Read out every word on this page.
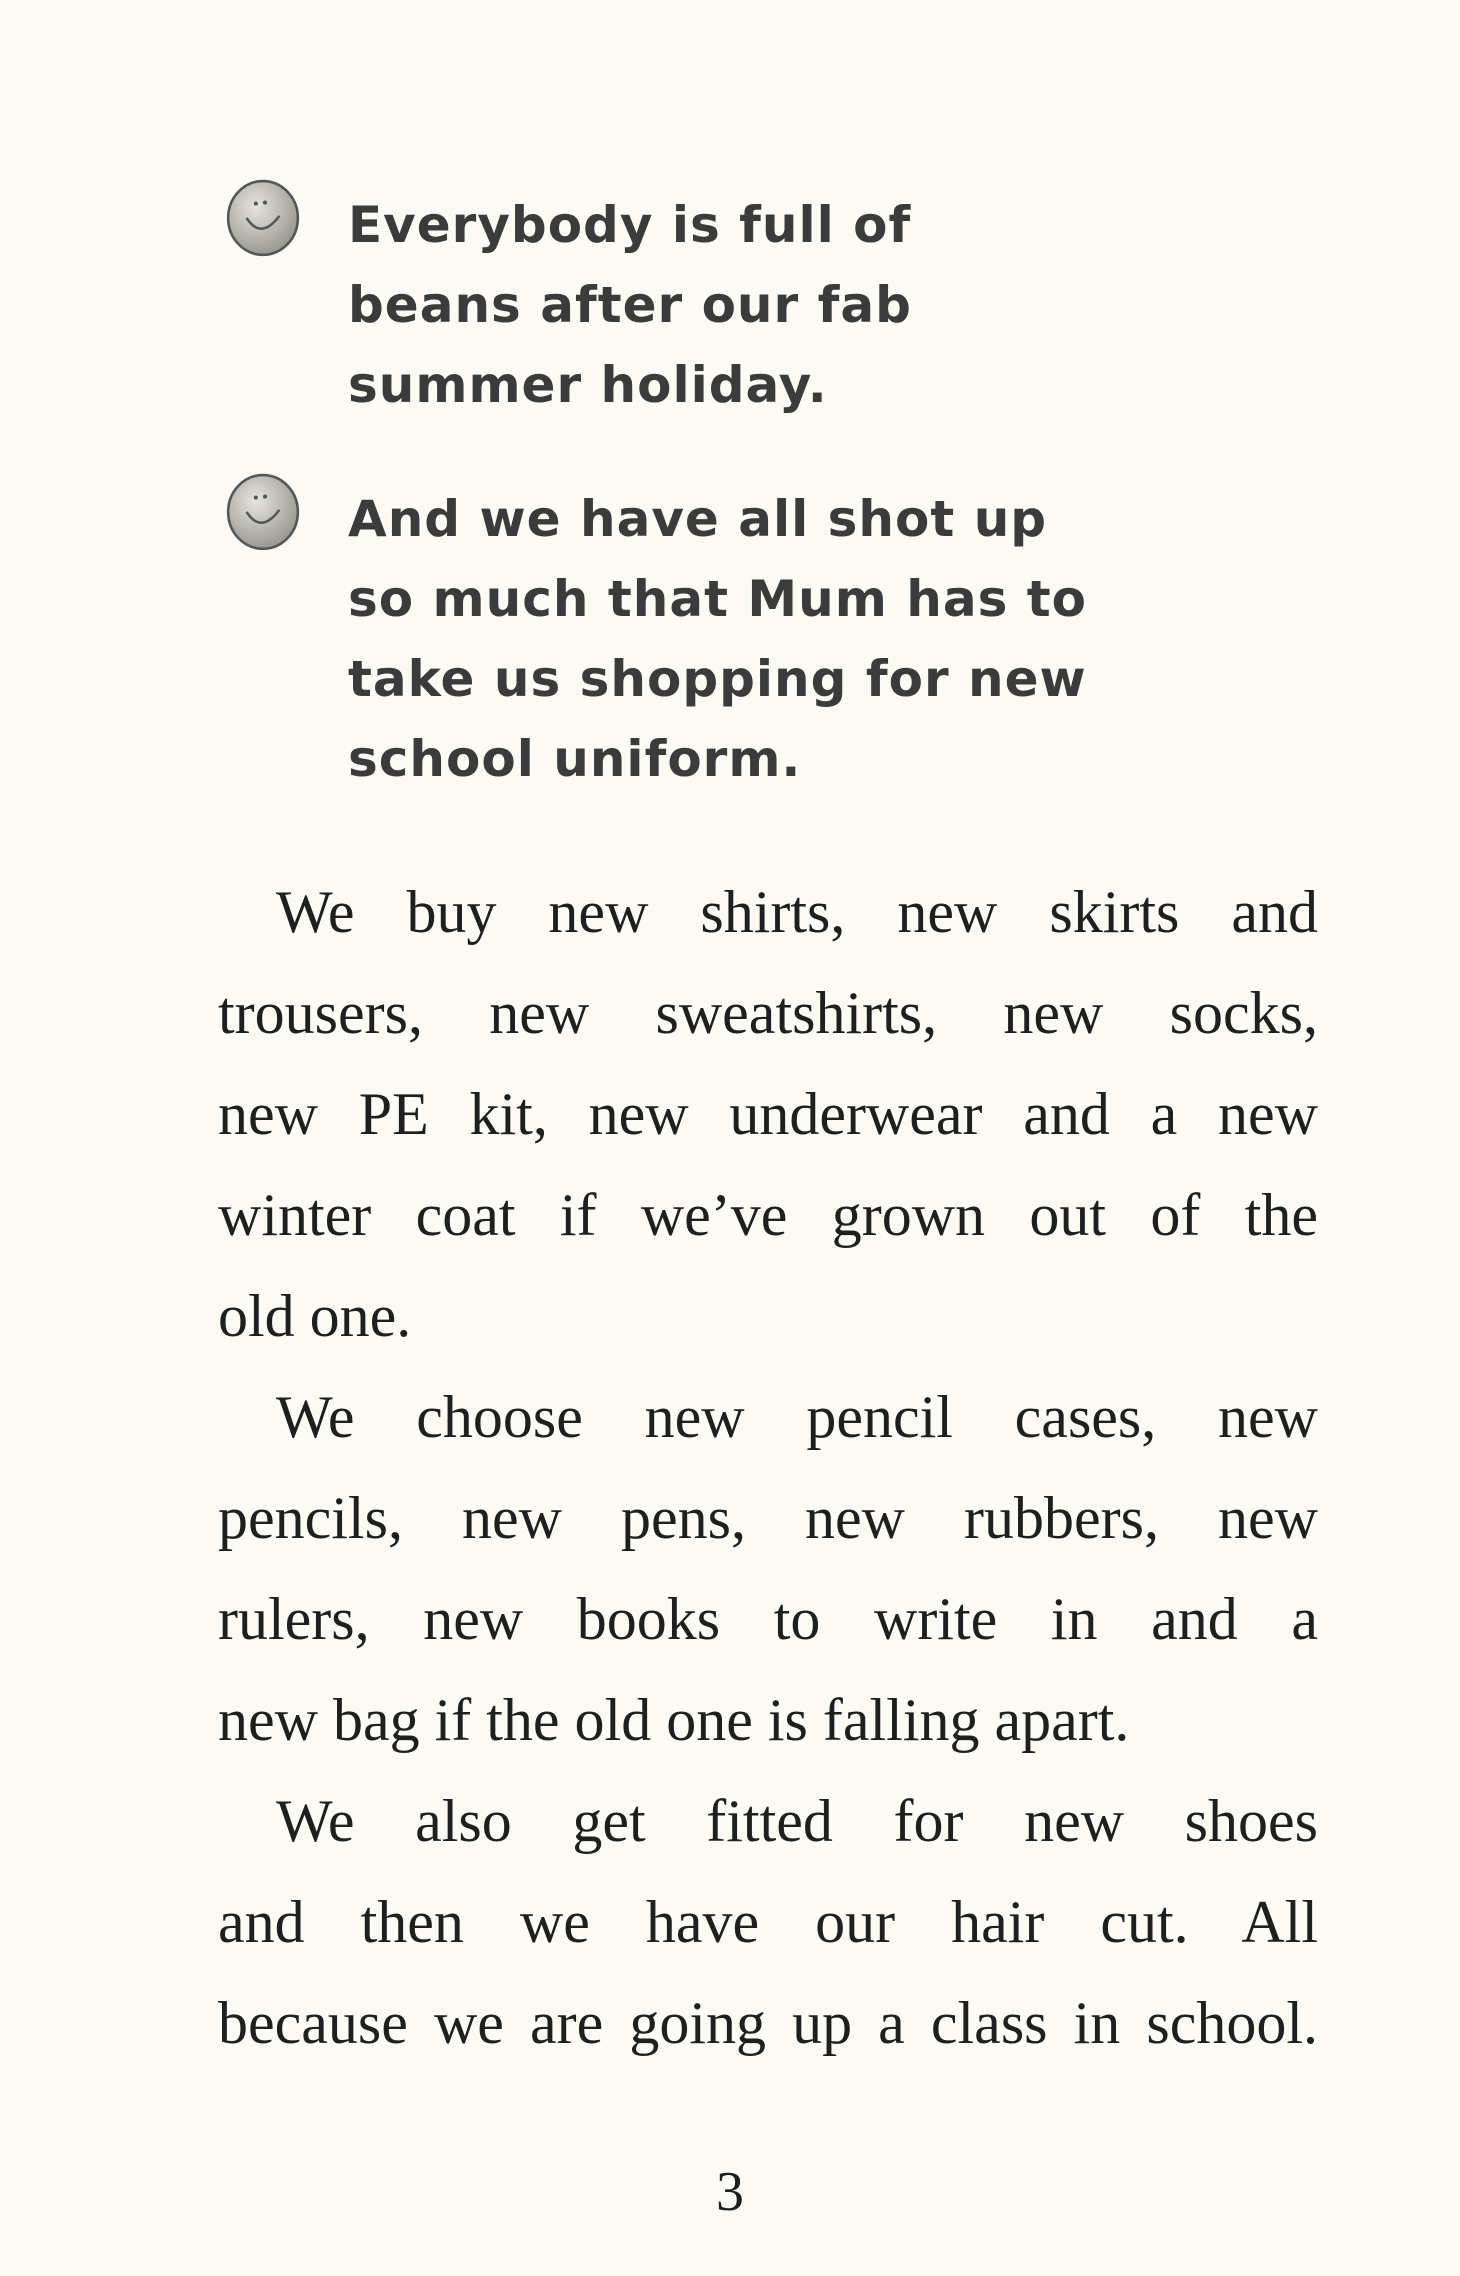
Everybody is full of
beans after our fab
summer holiday.
And we have all shot up
so much that Mum has to
take us shopping for new
school uniform.
We buy new shirts, new skirts and
trousers, new sweatshirts, new socks,
new PE kit, new underwear and a new
winter coat if we’ve grown out of the
old one.
We choose new pencil cases, new
pencils, new pens, new rubbers, new
rulers, new books to write in and a
new bag if the old one is falling apart.
We also get fitted for new shoes
and then we have our hair cut. All
because we are going up a class in school.
3
